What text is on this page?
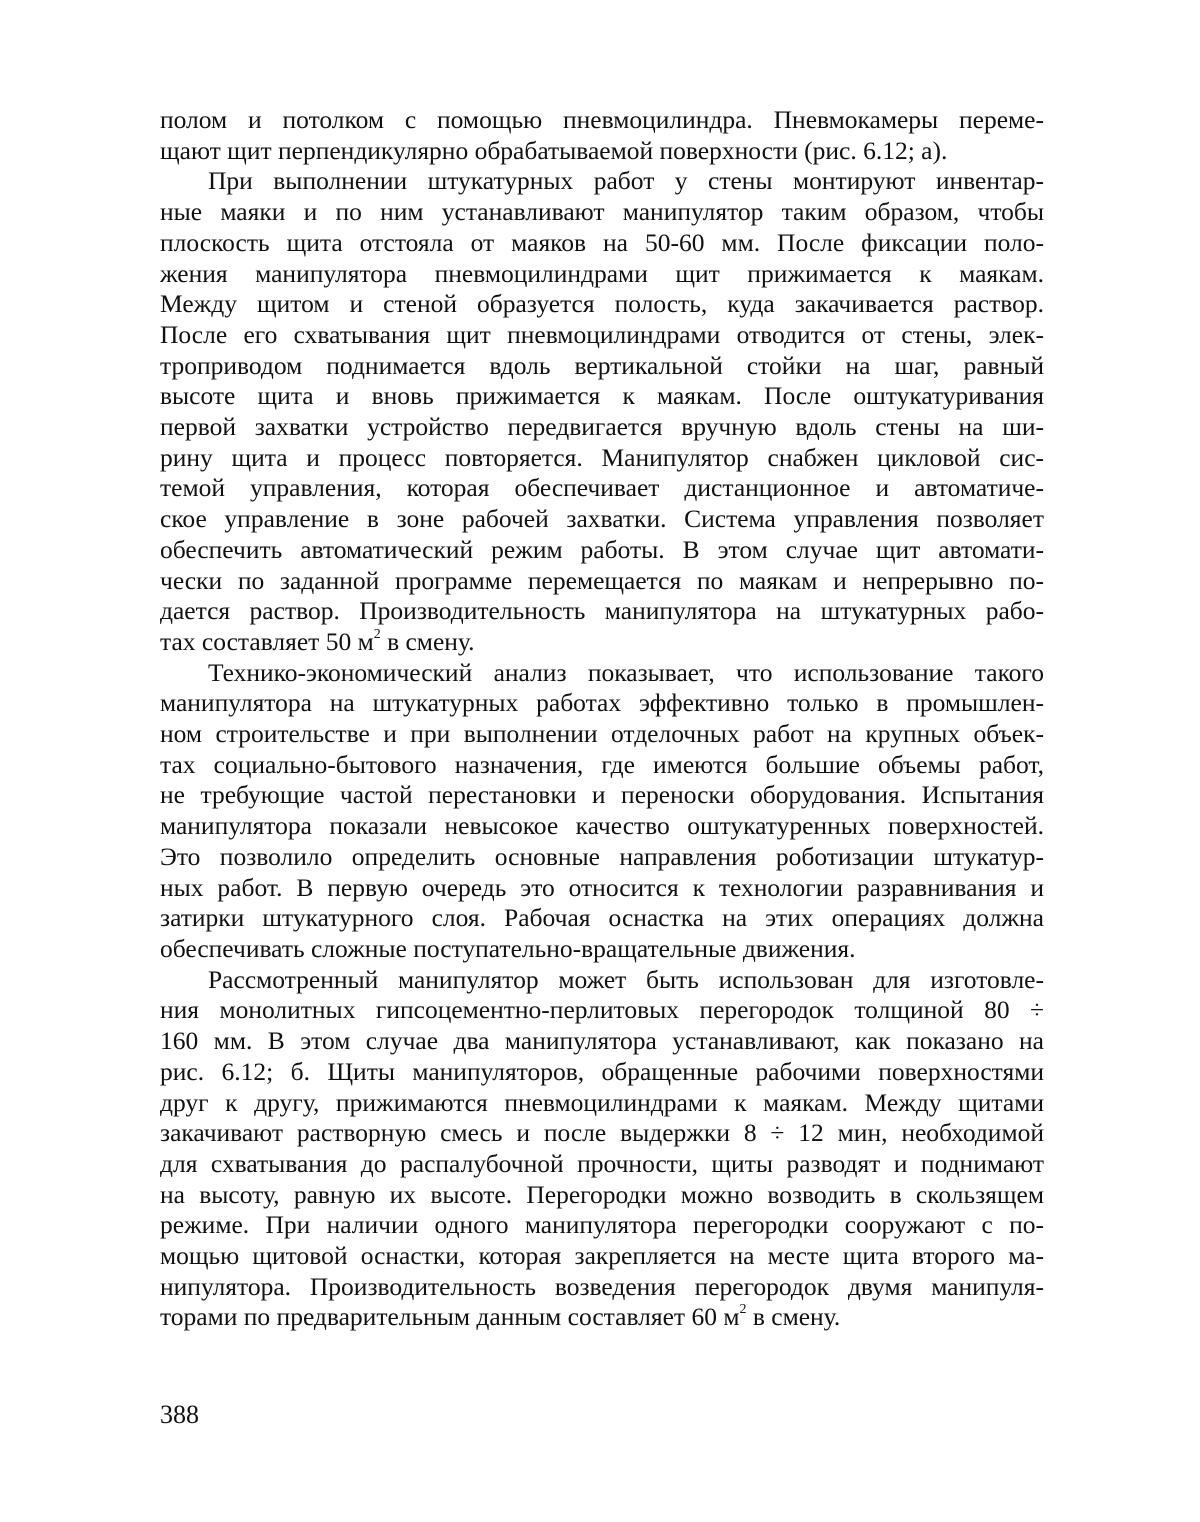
полом и потолком с помощью пневмоцилиндра. Пневмокамеры переме-
щают щит перпендикулярно обрабатываемой поверхности (рис. 6.12; а).
При выполнении штукатурных работ у стены монтируют инвентар-
ные маяки и по ним устанавливают манипулятор таким образом, чтобы
плоскость щита отстояла от маяков на 50-60 мм. После фиксации поло-
жения манипулятора пневмоцилиндрами щит прижимается к маякам.
Между щитом и стеной образуется полость, куда закачивается раствор.
После его схватывания щит пневмоцилиндрами отводится от стены, элек-
троприводом поднимается вдоль вертикальной стойки на шаг, равный
высоте щита и вновь прижимается к маякам. После оштукатуривания
первой захватки устройство передвигается вручную вдоль стены на ши-
рину щита и процесс повторяется. Манипулятор снабжен цикловой сис-
темой управления, которая обеспечивает дистанционное и автоматиче-
ское управление в зоне рабочей захватки. Система управления позволяет
обеспечить автоматический режим работы. В этом случае щит автомати-
чески по заданной программе перемещается по маякам и непрерывно по-
дается раствор. Производительность манипулятора на штукатурных рабо-
тах составляет 50 $м^2$ в смену.
Технико-экономический анализ показывает, что использование такого
манипулятора на штукатурных работах эффективно только в промышлен-
ном строительстве и при выполнении отделочных работ на крупных объек-
тах социально-бытового назначения, где имеются большие объемы работ,
не требующие частой перестановки и переноски оборудования. Испытания
манипулятора показали невысокое качество оштукатуренных поверхностей.
Это позволило определить основные направления роботизации штукатур-
ных работ. В первую очередь это относится к технологии разравнивания и
затирки штукатурного слоя. Рабочая оснастка на этих операциях должна
обеспечивать сложные поступательно-вращательные движения.
Рассмотренный манипулятор может быть использован для изготовле-
ния монолитных гипсоцементно-перлитовых перегородок толщиной 80 ÷
160 мм. В этом случае два манипулятора устанавливают, как показано на
рис. 6.12; б. Щиты манипуляторов, обращенные рабочими поверхностями
друг к другу, прижимаются пневмоцилиндрами к маякам. Между щитами
закачивают растворную смесь и после выдержки 8 ÷ 12 мин, необходимой
для схватывания до распалубочной прочности, щиты разводят и поднимают
на высоту, равную их высоте. Перегородки можно возводить в скользящем
режиме. При наличии одного манипулятора перегородки сооружают с по-
мощью щитовой оснастки, которая закрепляется на месте щита второго ма-
нипулятора. Производительность возведения перегородок двумя манипуля-
торами по предварительным данным составляет 60 $м^2$ в смену.
388
